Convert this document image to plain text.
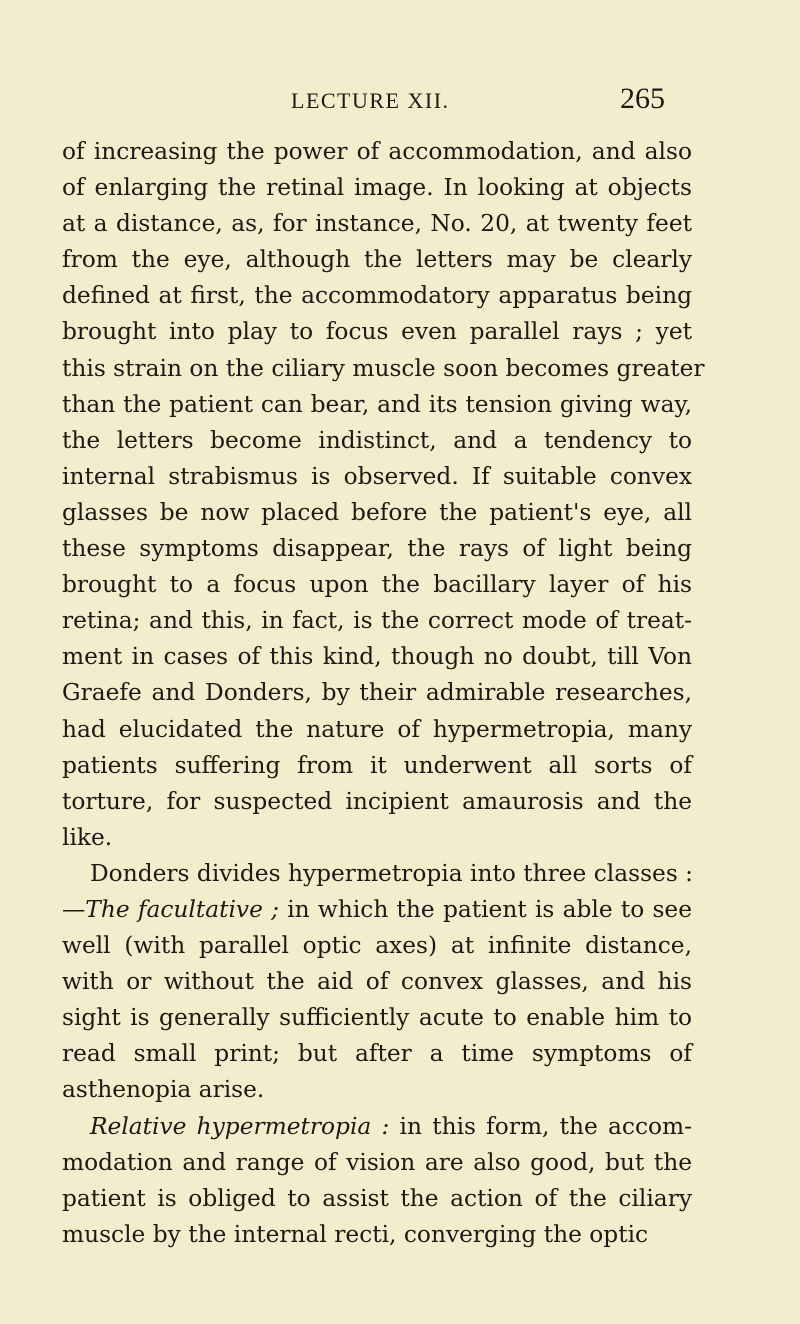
LECTURE XII.	265
of increasing the power of accommodation, and also
of enlarging the retinal image. In looking at objects
at a distance, as, for instance, No. 20, at twenty feet
from the eye, although the letters may be clearly
defined at first, the accommodatory apparatus being
brought into play to focus even parallel rays ; yet
this strain on the ciliary muscle soon becomes greater
than the patient can bear, and its tension giving way,
the letters become indistinct, and a tendency to
internal strabismus is observed. If suitable convex
glasses be now placed before the patient's eye, all
these symptoms disappear, the rays of light being
brought to a focus upon the bacillary layer of his
retina; and this, in fact, is the correct mode of treat-
ment in cases of this kind, though no doubt, till Von
Graefe and Donders, by their admirable researches,
had elucidated the nature of hypermetropia, many
patients suffering from it underwent all sorts of
torture, for suspected incipient amaurosis and the
like.
Donders divides hypermetropia into three classes :
—The facultative ; in which the patient is able to see
well (with parallel optic axes) at infinite distance,
with or without the aid of convex glasses, and his
sight is generally sufficiently acute to enable him to
read small print; but after a time symptoms of
asthenopia arise.
Relative hypermetropia : in this form, the accom-
modation and range of vision are also good, but the
patient is obliged to assist the action of the ciliary
muscle by the internal recti, converging the optic
